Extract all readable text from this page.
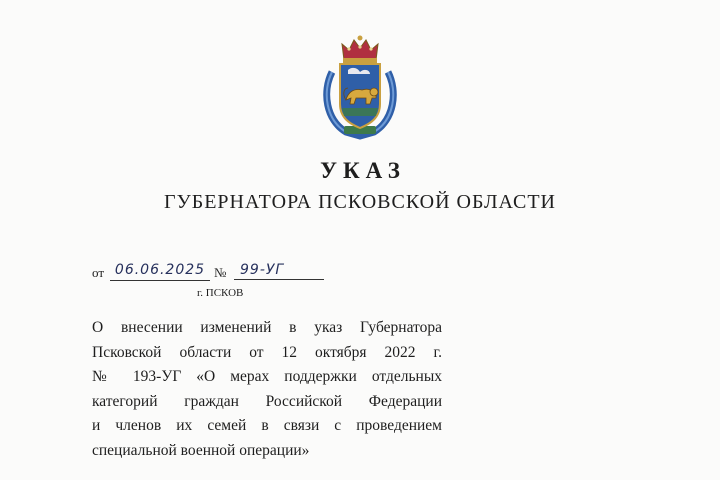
УКАЗ
ГУБЕРНАТОРА ПСКОВСКОЙ ОБЛАСТИ
от 06.06.2025 № 99-УГ
г. ПСКОВ
О внесении изменений в указ Губернатора
Псковской области от 12 октября 2022 г.
№ 193-УГ «О мерах поддержки отдельных
категорий граждан Российской Федерации
и членов их семей в связи с проведением
специальной военной операции»
